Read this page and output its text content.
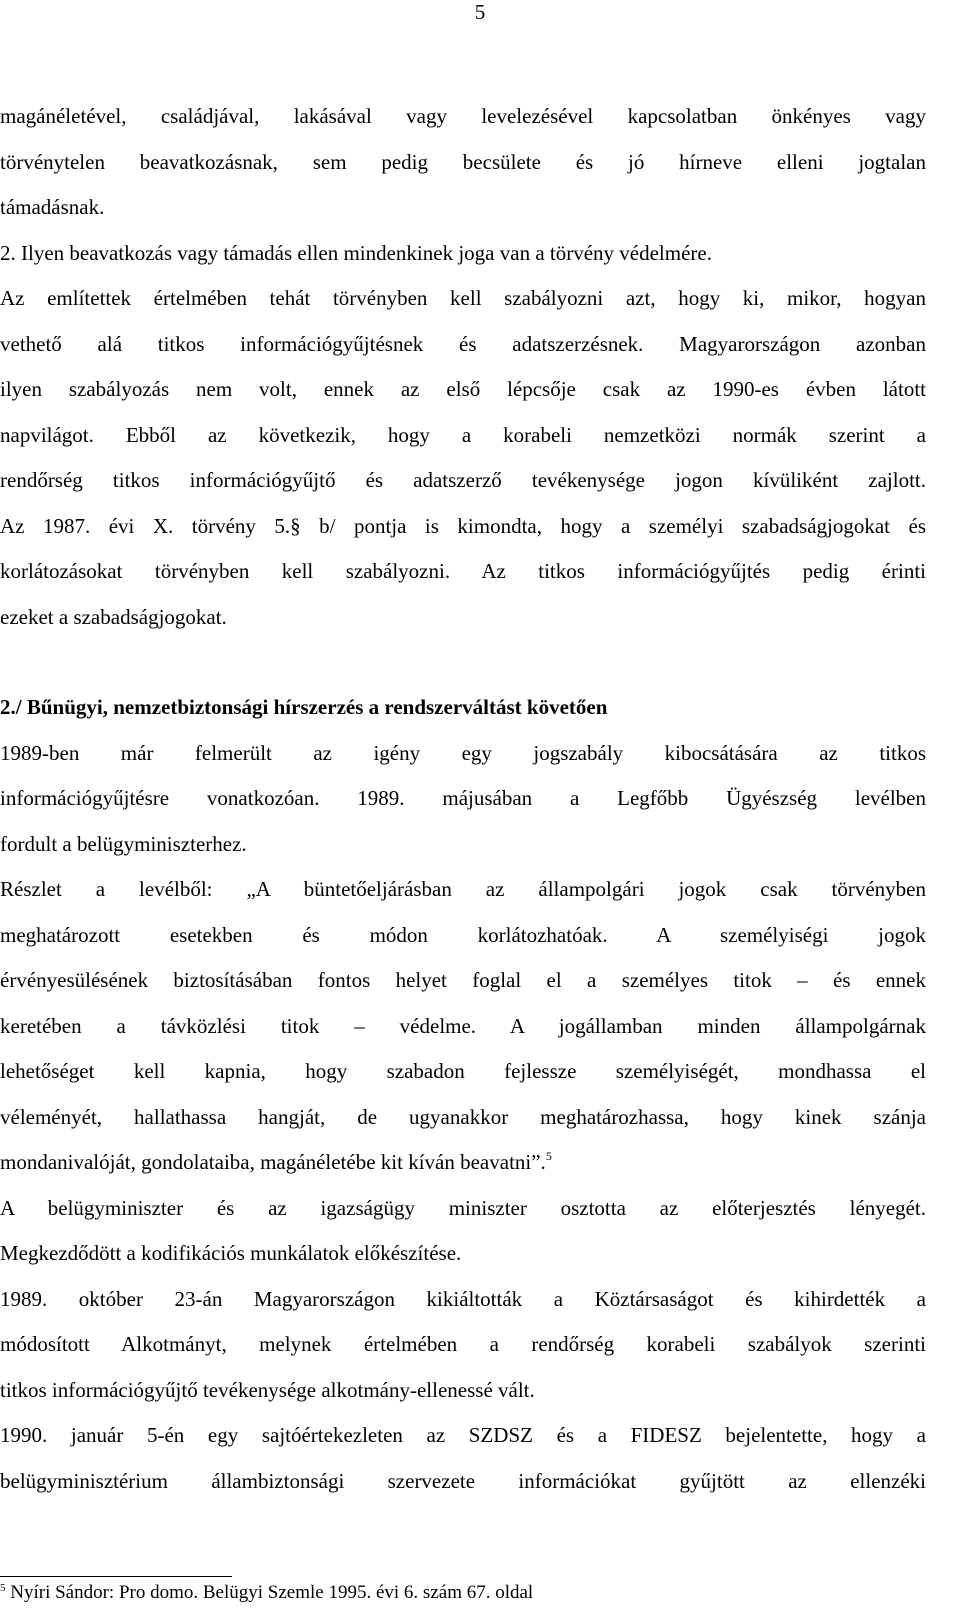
5
magánéletével, családjával, lakásával vagy levelezésével kapcsolatban önkényes vagy
törvénytelen beavatkozásnak, sem pedig becsülete és jó hírneve elleni jogtalan
támadásnak.
2. Ilyen beavatkozás vagy támadás ellen mindenkinek joga van a törvény védelmére.
Az említettek értelmében tehát törvényben kell szabályozni azt, hogy ki, mikor, hogyan
vethető alá titkos információgyűjtésnek és adatszerzésnek. Magyarországon azonban
ilyen szabályozás nem volt, ennek az első lépcsője csak az 1990-es évben látott
napvilágot. Ebből az következik, hogy a korabeli nemzetközi normák szerint a
rendőrség titkos információgyűjtő és adatszerző tevékenysége jogon kívüliként zajlott.
Az 1987. évi X. törvény 5.§ b/ pontja is kimondta, hogy a személyi szabadságjogokat és
korlátozásokat törvényben kell szabályozni. Az titkos információgyűjtés pedig érinti
ezeket a szabadságjogokat.
2./ Bűnügyi, nemzetbiztonsági hírszerzés a rendszerváltást követően
1989-ben már felmerült az igény egy jogszabály kibocsátására az titkos
információgyűjtésre vonatkozóan. 1989. májusában a Legfőbb Ügyészség levélben
fordult a belügyminiszterhez.
Részlet a levélből: „A büntetőeljárásban az állampolgári jogok csak törvényben
meghatározott esetekben és módon korlátozhatóak. A személyiségi jogok
érvényesülésének biztosításában fontos helyet foglal el a személyes titok – és ennek
keretében a távközlési titok – védelme. A jogállamban minden állampolgárnak
lehetőséget kell kapnia, hogy szabadon fejlessze személyiségét, mondhassa el
véleményét, hallathassa hangját, de ugyanakkor meghatározhassa, hogy kinek szánja
mondanivalóját, gondolataiba, magánéletébe kit kíván beavatni”.$^5$
A belügyminiszter és az igazságügy miniszter osztotta az előterjesztés lényegét.
Megkezdődött a kodifikációs munkálatok előkészítése.
1989. október 23-án Magyarországon kikiáltották a Köztársaságot és kihirdették a
módosított Alkotmányt, melynek értelmében a rendőrség korabeli szabályok szerinti
titkos információgyűjtő tevékenysége alkotmány-ellenessé vált.
1990. január 5-én egy sajtóértekezleten az SZDSZ és a FIDESZ bejelentette, hogy a
belügyminisztérium állambiztonsági szervezete információkat gyűjtött az ellenzéki
$^5$ Nyíri Sándor: Pro domo. Belügyi Szemle 1995. évi 6. szám 67. oldal
